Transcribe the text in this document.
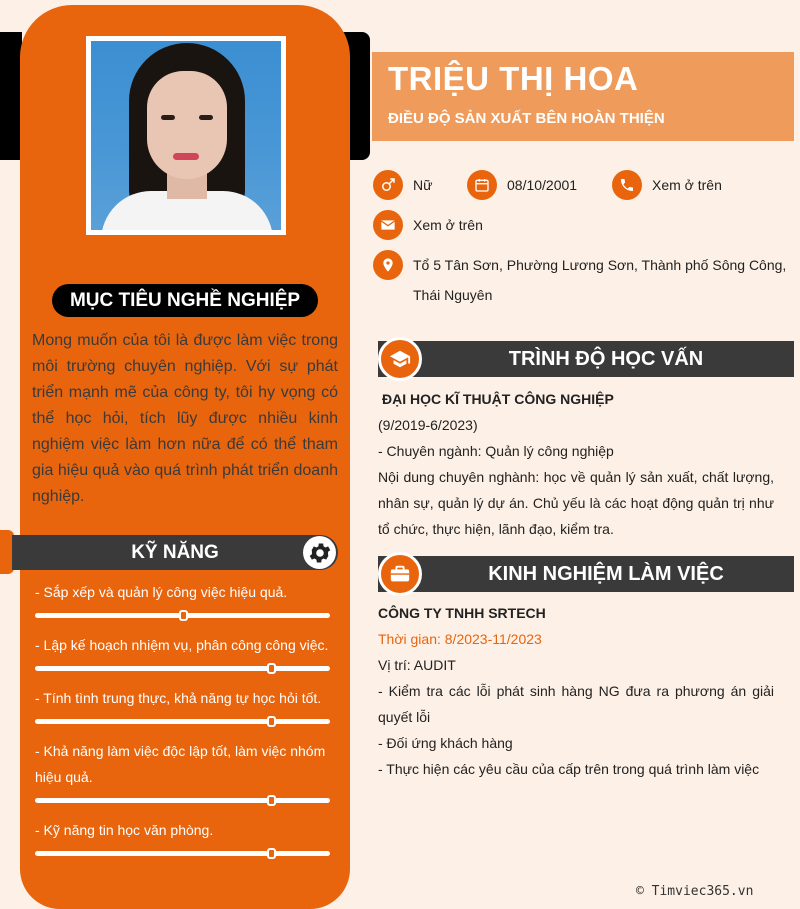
MỤC TIÊU NGHỀ NGHIỆP

Mong muốn của tôi là được làm việc trong môi trường chuyên nghiệp. Với sự phát triển mạnh mẽ của công ty, tôi hy vọng có thể học hỏi, tích lũy được nhiều kinh nghiệm việc làm hơn nữa để có thể tham gia hiệu quả vào quá trình phát triển doanh nghiệp.

- Sắp xếp và quản lý công việc hiệu quả.

- Lập kế hoạch nhiệm vụ, phân công công việc.

- Tính tình trung thực, khả năng tự học hỏi tốt.

- Khả năng làm việc độc lập tốt, làm việc nhóm hiệu quả.

- Kỹ năng tin học văn phòng.

KỸ NĂNG
TRIỆU THỊ HOA
ĐIỀU ĐỘ SẢN XUẤT BÊN HOÀN THIỆN
Nữ	08/10/2001	Xem ở trên
Xem ở trên
Tổ 5 Tân Sơn, Phường Lương Sơn, Thành phố Sông Công,
Thái Nguyên
TRÌNH ĐỘ HỌC VẤN

ĐẠI HỌC KĨ THUẬT CÔNG NGHIỆP

(9/2019-6/2023)

- Chuyên ngành: Quản lý công nghiệp

Nội dung chuyên nghành: học về quản lý sản xuất, chất lượng, nhân sự, quản lý dự án. Chủ yếu là các hoạt động quản trị như tổ chức, thực hiện, lãnh đạo, kiểm tra.

KINH NGHIỆM LÀM VIỆC

CÔNG TY TNHH SRTECH

Thời gian: 8/2023-11/2023

Vị trí: AUDIT

- Kiểm tra các lỗi phát sinh hàng NG đưa ra phương án giải quyết lỗi

- Đối ứng khách hàng

- Thực hiện các yêu cầu của cấp trên trong quá trình làm việc

© Timviec365.vn
